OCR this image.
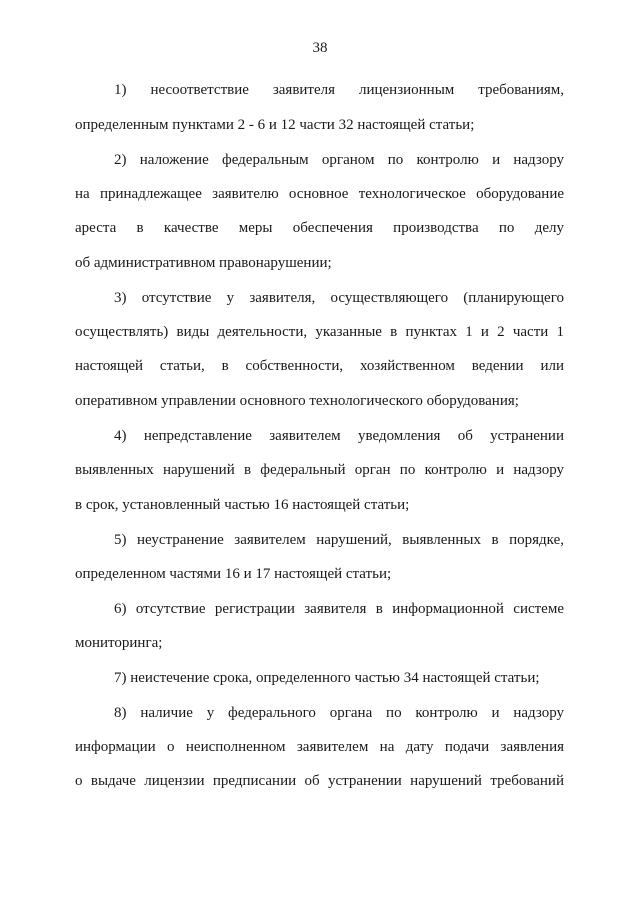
38
1) несоответствие заявителя лицензионным требованиям,
определенным пунктами 2 - 6 и 12 части 32 настоящей статьи;
2) наложение федеральным органом по контролю и надзору
на принадлежащее заявителю основное технологическое оборудование
ареста в качестве меры обеспечения производства по делу
об административном правонарушении;
3) отсутствие у заявителя, осуществляющего (планирующего
осуществлять) виды деятельности, указанные в пунктах 1 и 2 части 1
настоящей статьи, в собственности, хозяйственном ведении или
оперативном управлении основного технологического оборудования;
4) непредставление заявителем уведомления об устранении
выявленных нарушений в федеральный орган по контролю и надзору
в срок, установленный частью 16 настоящей статьи;
5) неустранение заявителем нарушений, выявленных в порядке,
определенном частями 16 и 17 настоящей статьи;
6) отсутствие регистрации заявителя в информационной системе
мониторинга;
7) неистечение срока, определенного частью 34 настоящей статьи;
8) наличие у федерального органа по контролю и надзору
информации о неисполненном заявителем на дату подачи заявления
о выдаче лицензии предписании об устранении нарушений требований
